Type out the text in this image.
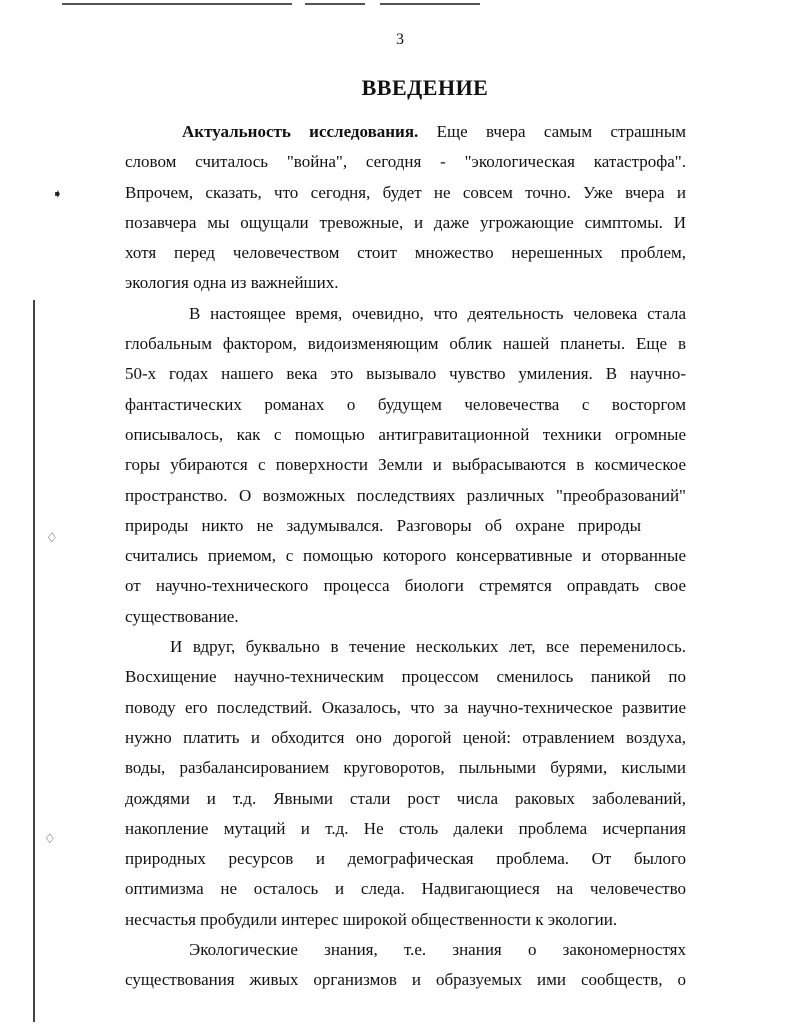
➧
♢
♢
3
ВВЕДЕНИЕ
Актуальность исследования. Еще вчера самым страшным
словом считалось "война", сегодня - "экологическая катастрофа".
Впрочем, сказать, что сегодня, будет не совсем точно. Уже вчера и
позавчера мы ощущали тревожные, и даже угрожающие симптомы. И
хотя перед человечеством стоит множество нерешенных проблем,
экология одна из важнейших.
В настоящее время, очевидно, что деятельность человека стала
глобальным фактором, видоизменяющим облик нашей планеты. Еще в
50-х годах нашего века это вызывало чувство умиления. В научно-
фантастических романах о будущем человечества с восторгом
описывалось, как с помощью антигравитационной техники огромные
горы убираются с поверхности Земли и выбрасываются в космическое
пространство. О возможных последствиях различных "преобразований"
природы никто не задумывался. Разговоры об охране природы
считались приемом, с помощью которого консервативные и оторванные
от научно-технического процесса биологи стремятся оправдать свое
существование.
И вдруг, буквально в течение нескольких лет, все переменилось.
Восхищение научно-техническим процессом сменилось паникой по
поводу его последствий. Оказалось, что за научно-техническое развитие
нужно платить и обходится оно дорогой ценой: отравлением воздуха,
воды, разбалансированием круговоротов, пыльными бурями, кислыми
дождями и т.д. Явными стали рост числа раковых заболеваний,
накопление мутаций и т.д. Не столь далеки проблема исчерпания
природных ресурсов и демографическая проблема. От былого
оптимизма не осталось и следа. Надвигающиеся на человечество
несчастья пробудили интерес широкой общественности к экологии.
Экологические знания, т.е. знания о закономерностях
существования живых организмов и образуемых ими сообществ, о
